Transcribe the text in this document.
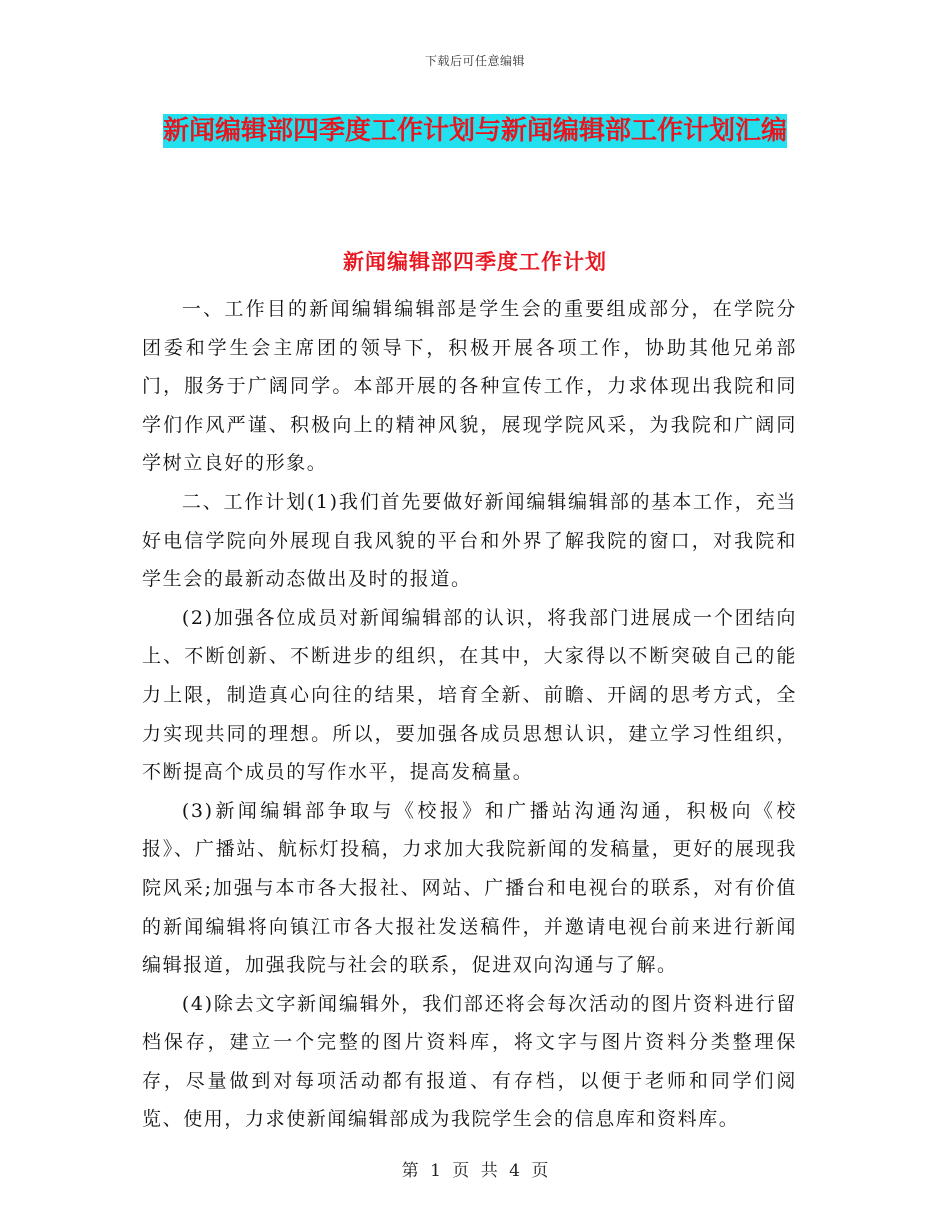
下载后可任意编辑
新闻编辑部四季度工作计划与新闻编辑部工作计划汇编
新闻编辑部四季度工作计划

一、工作目的新闻编辑编辑部是学生会的重要组成部分，在学院分团委和学生会主席团的领导下，积极开展各项工作，协助其他兄弟部门，服务于广阔同学。本部开展的各种宣传工作，力求体现出我院和同学们作风严谨、积极向上的精神风貌，展现学院风采，为我院和广阔同学树立良好的形象。

二、工作计划(1)我们首先要做好新闻编辑编辑部的基本工作，充当好电信学院向外展现自我风貌的平台和外界了解我院的窗口，对我院和学生会的最新动态做出及时的报道。

(2)加强各位成员对新闻编辑部的认识，将我部门进展成一个团结向上、不断创新、不断进步的组织，在其中，大家得以不断突破自己的能力上限，制造真心向往的结果，培育全新、前瞻、开阔的思考方式，全力实现共同的理想。所以，要加强各成员思想认识，建立学习性组织，不断提高个成员的写作水平，提高发稿量。

(3)新闻编辑部争取与《校报》和广播站沟通沟通，积极向《校报》、广播站、航标灯投稿，力求加大我院新闻的发稿量，更好的展现我院风采;加强与本市各大报社、网站、广播台和电视台的联系，对有价值的新闻编辑将向镇江市各大报社发送稿件，并邀请电视台前来进行新闻编辑报道，加强我院与社会的联系，促进双向沟通与了解。

(4)除去文字新闻编辑外，我们部还将会每次活动的图片资料进行留档保存，建立一个完整的图片资料库，将文字与图片资料分类整理保存，尽量做到对每项活动都有报道、有存档，以便于老师和同学们阅览、使用，力求使新闻编辑部成为我院学生会的信息库和资料库。

第 1 页 共 4 页
